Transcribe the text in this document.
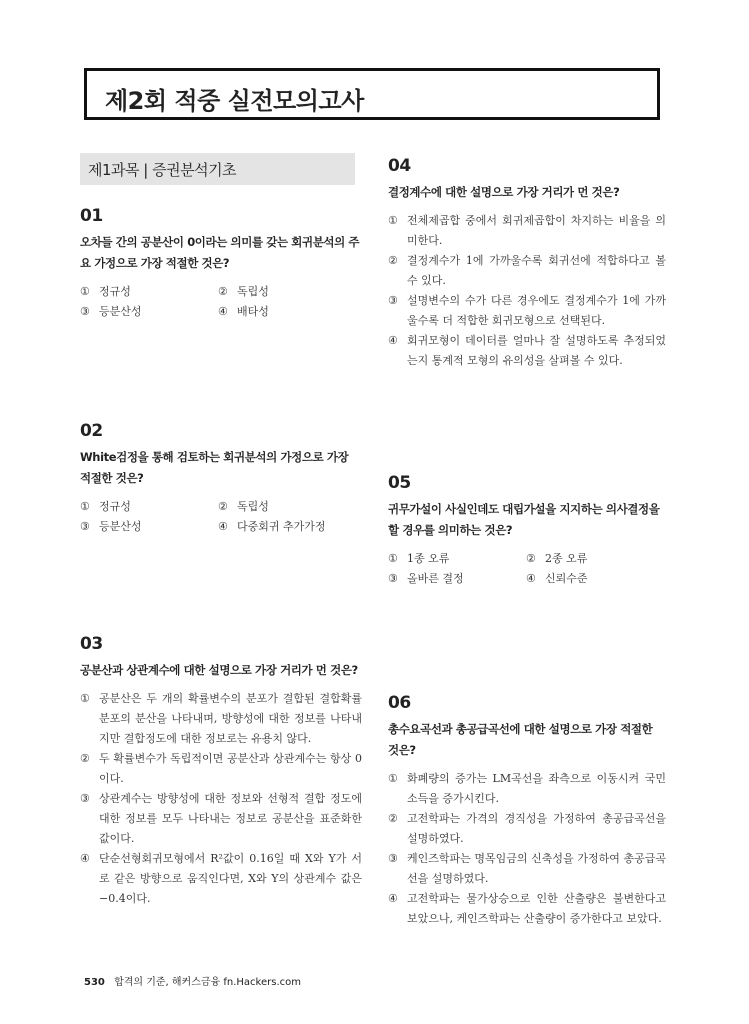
제2회 적중 실전모의고사
제1과목 | 증권분석기초
01
오차들 간의 공분산이 0이라는 의미를 갖는 회귀분석의 주요 가정으로 가장 적절한 것은?
① 정규성	② 독립성
③ 등분산성	④ 배타성
02
White검정을 통해 검토하는 회귀분석의 가정으로 가장 적절한 것은?
① 정규성	② 독립성
③ 등분산성	④ 다중회귀 추가가정
03
공분산과 상관계수에 대한 설명으로 가장 거리가 먼 것은?
① 공분산은 두 개의 확률변수의 분포가 결합된 결합확률분포의 분산을 나타내며, 방향성에 대한 정보를 나타내지만 결합정도에 대한 정보로는 유용치 않다.
② 두 확률변수가 독립적이면 공분산과 상관계수는 항상 0이다.
③ 상관계수는 방향성에 대한 정보와 선형적 결합 정도에 대한 정보를 모두 나타내는 정보로 공분산을 표준화한 값이다.
④ 단순선형회귀모형에서 R²값이 0.16일 때 X와 Y가 서로 같은 방향으로 움직인다면, X와 Y의 상관계수 값은 −0.4이다.
04
결정계수에 대한 설명으로 가장 거리가 먼 것은?
① 전체제곱합 중에서 회귀제곱합이 차지하는 비율을 의미한다.
② 결정계수가 1에 가까울수록 회귀선에 적합하다고 볼 수 있다.
③ 설명변수의 수가 다른 경우에도 결정계수가 1에 가까울수록 더 적합한 회귀모형으로 선택된다.
④ 회귀모형이 데이터를 얼마나 잘 설명하도록 추정되었는지 통계적 모형의 유의성을 살펴볼 수 있다.
05
귀무가설이 사실인데도 대립가설을 지지하는 의사결정을 할 경우를 의미하는 것은?
① 1종 오류	② 2종 오류
③ 올바른 결정	④ 신뢰수준
06
총수요곡선과 총공급곡선에 대한 설명으로 가장 적절한 것은?
① 화폐량의 증가는 LM곡선을 좌측으로 이동시켜 국민소득을 증가시킨다.
② 고전학파는 가격의 경직성을 가정하여 총공급곡선을 설명하였다.
③ 케인즈학파는 명목임금의 신축성을 가정하여 총공급곡선을 설명하였다.
④ 고전학파는 물가상승으로 인한 산출량은 불변한다고 보았으나, 케인즈학파는 산출량이 증가한다고 보았다.
530 합격의 기준, 해커스금융 fn.Hackers.com
